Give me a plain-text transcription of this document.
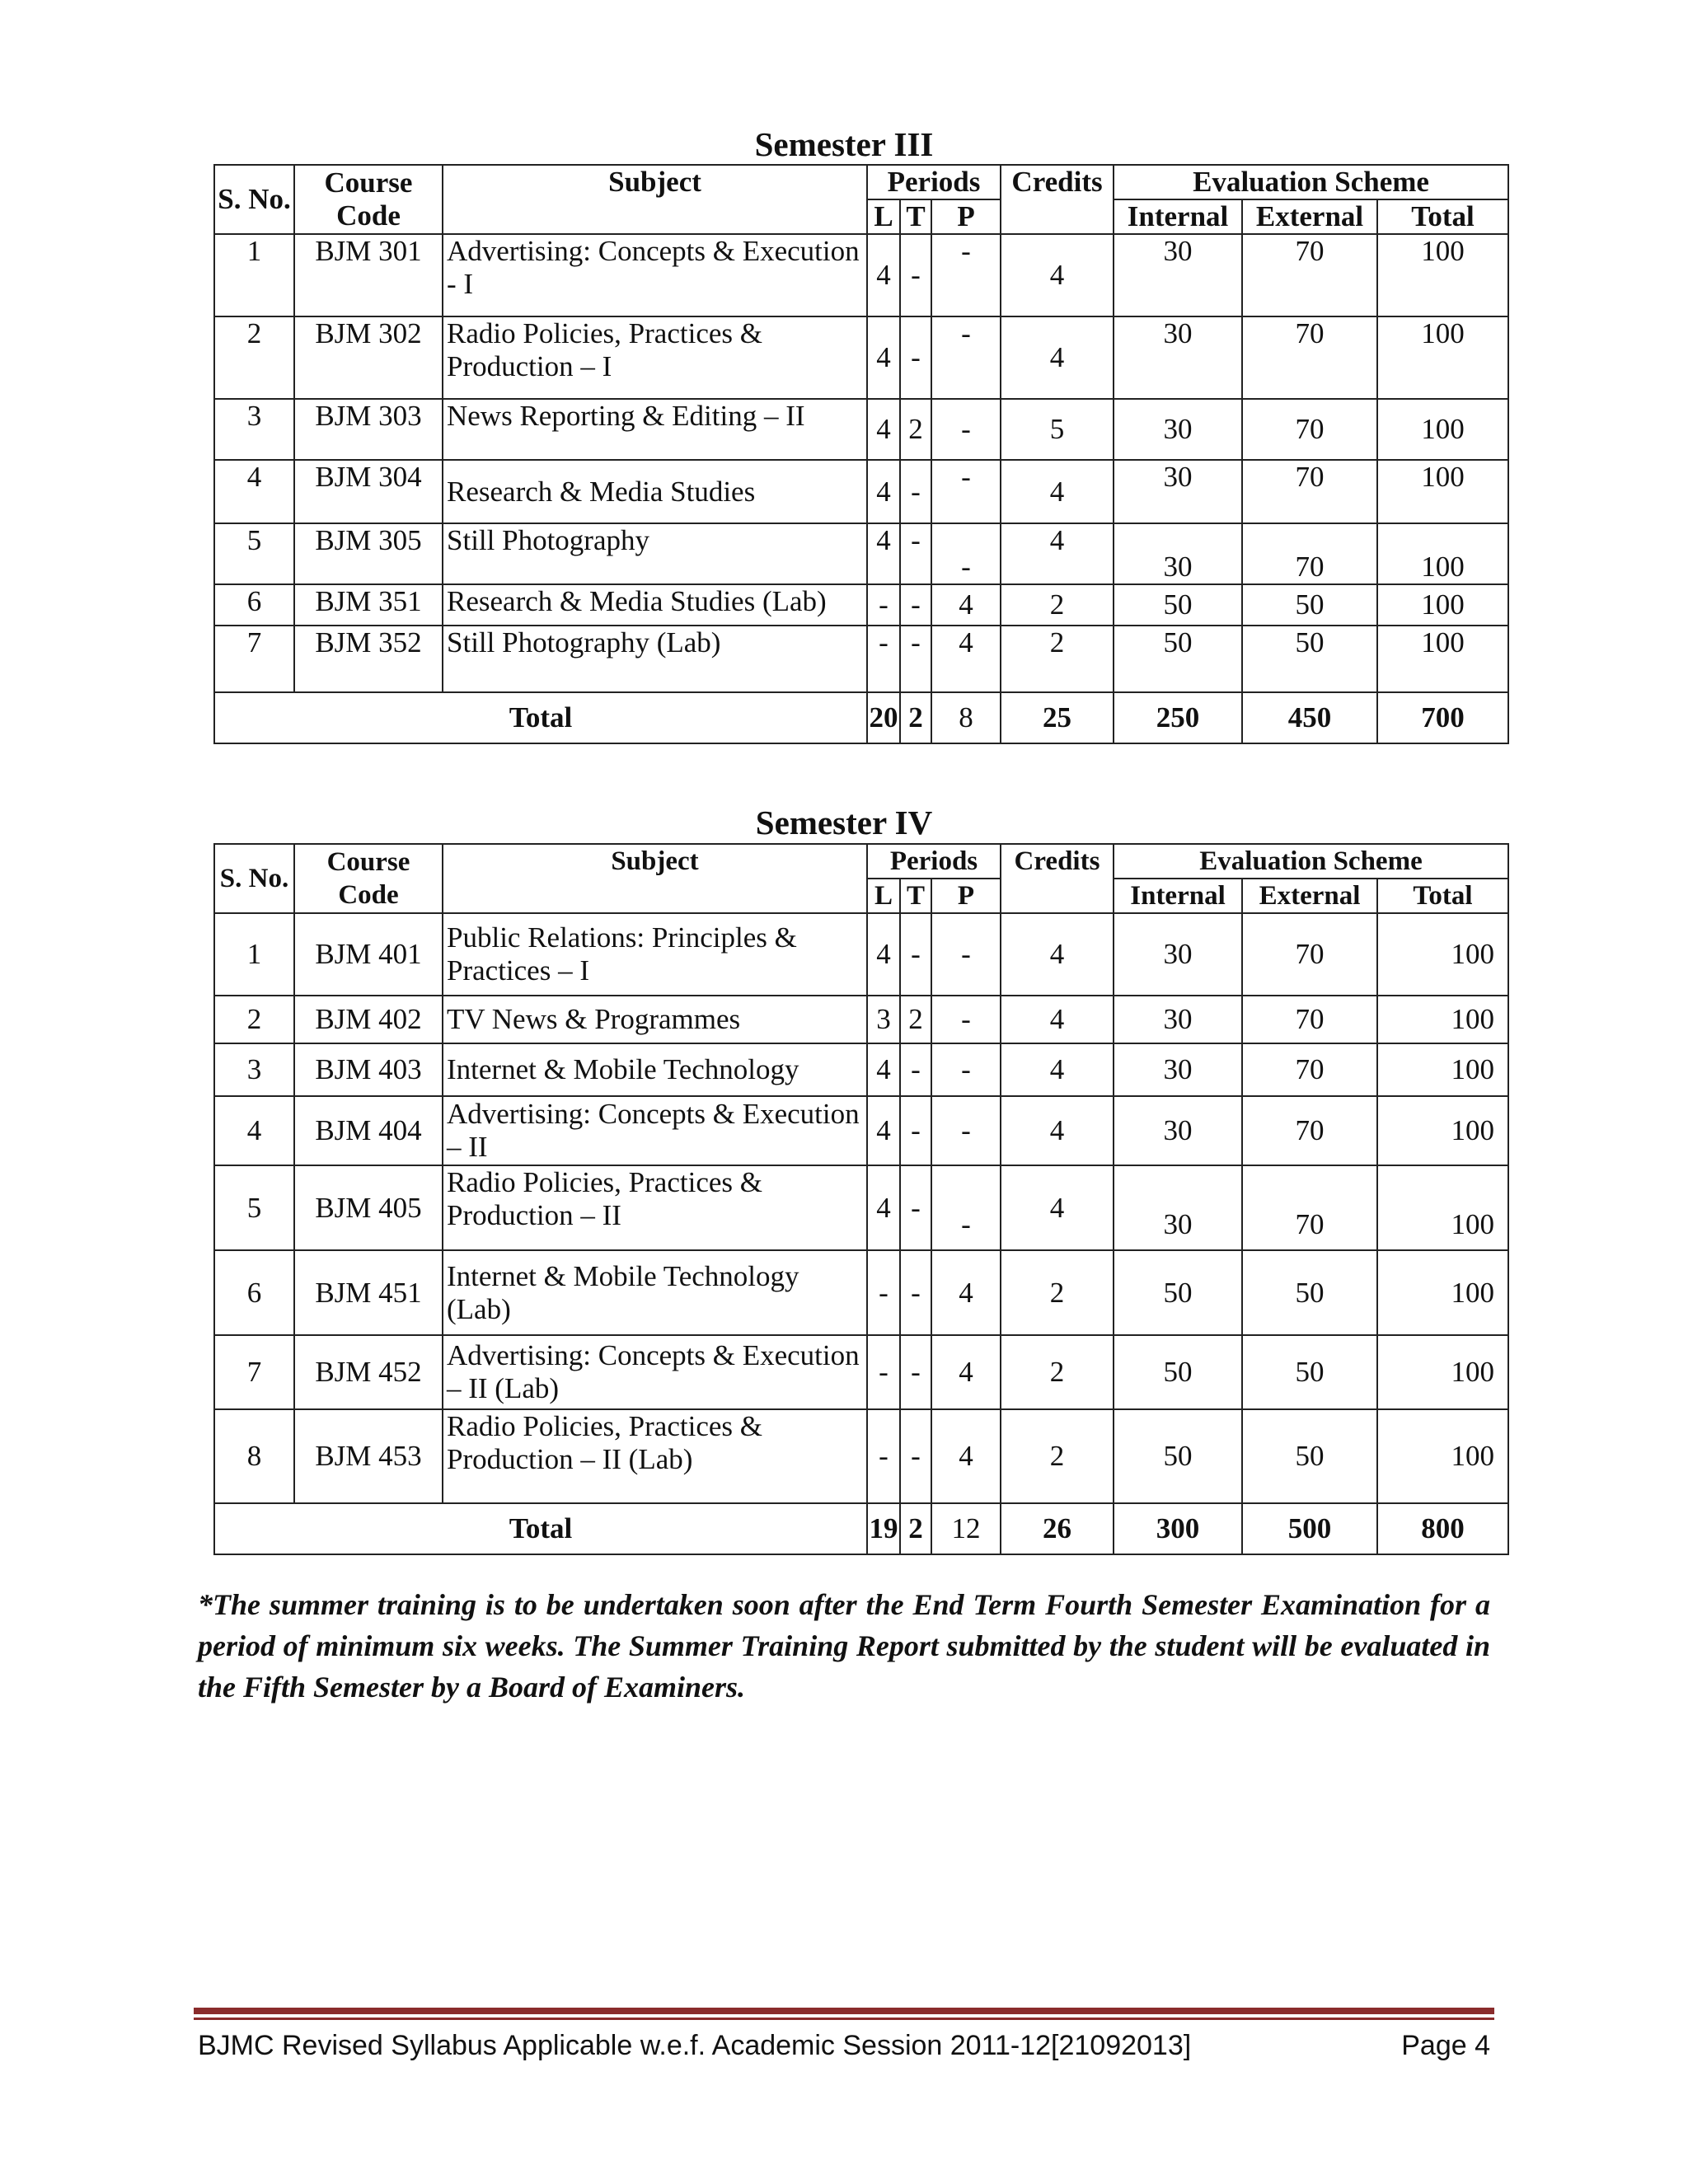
Semester III
S. No.	Course Code	Subject	Periods			Credits	Evaluation Scheme		
			L	T	P		Internal	External	Total
1	BJM 301	Advertising: Concepts & Execution - I	4	-	-	4	30	70	100
2	BJM 302	Radio Policies, Practices & Production – I	4	-	-	4	30	70	100
3	BJM 303	News Reporting & Editing – II	4	2	-	5	30	70	100
4	BJM 304	Research & Media Studies	4	-	-	4	30	70	100
5	BJM 305	Still Photography	4	-	-	4	30	70	100
6	BJM 351	Research & Media Studies (Lab)	-	-	4	2	50	50	100
7	BJM 352	Still Photography (Lab)	-	-	4	2	50	50	100
Total			20	2	8	25	250	450	700
Semester IV
S. No.	Course Code	Subject	Periods			Credits	Evaluation Scheme		
			L	T	P		Internal	External	Total
1	BJM 401	Public Relations: Principles & Practices – I	4	-	-	4	30	70	100
2	BJM 402	TV News & Programmes	3	2	-	4	30	70	100
3	BJM 403	Internet & Mobile Technology	4	-	-	4	30	70	100
4	BJM 404	Advertising: Concepts & Execution – II	4	-	-	4	30	70	100
5	BJM 405	Radio Policies, Practices & Production – II	4	-	-	4	30	70	100
6	BJM 451	Internet & Mobile Technology (Lab)	-	-	4	2	50	50	100
7	BJM 452	Advertising: Concepts & Execution – II (Lab)	-	-	4	2	50	50	100
8	BJM 453	Radio Policies, Practices & Production – II (Lab)	-	-	4	2	50	50	100
Total			19	2	12	26	300	500	800
*The summer training is to be undertaken soon after the End Term Fourth Semester Examination for a period of minimum six weeks. The Summer Training Report submitted by the student will be evaluated in the Fifth Semester by a Board of Examiners.
BJMC Revised Syllabus Applicable w.e.f. Academic Session 2011-12[21092013]	Page 4
